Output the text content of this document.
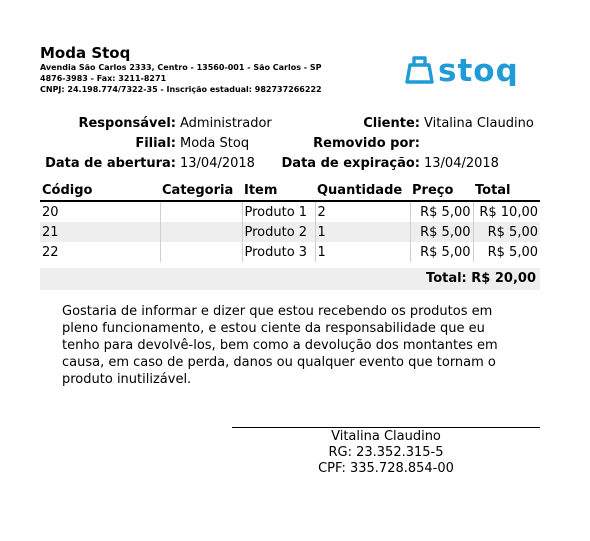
Moda Stoq
Avendia São Carlos 2333, Centro - 13560-001 - São Carlos - SP
4876-3983 - Fax: 3211-8271
CNPJ: 24.198.774/7322-35 - Inscrição estadual: 982737266222
stoq
Responsável: Administrador
Filial: Moda Stoq
Data de abertura: 13/04/2018
Cliente: Vitalina Claudino
Removido por:
Data de expiração: 13/04/2018
Código	Categoria	Item	Quantidade	Preço	Total
20		Produto 1	2	R$ 5,00	R$ 10,00
21		Produto 2	1	R$ 5,00	R$ 5,00
22		Produto 3	1	R$ 5,00	R$ 5,00
Total: R$ 20,00

Gostaria de informar e dizer que estou recebendo os produtos em pleno funcionamento, e estou ciente da responsabilidade que eu tenho para devolvê-los, bem como a devolução dos montantes em causa, em caso de perda, danos ou qualquer evento que tornam o produto inutilizável.

Vitalina Claudino
RG: 23.352.315-5
CPF: 335.728.854-00
